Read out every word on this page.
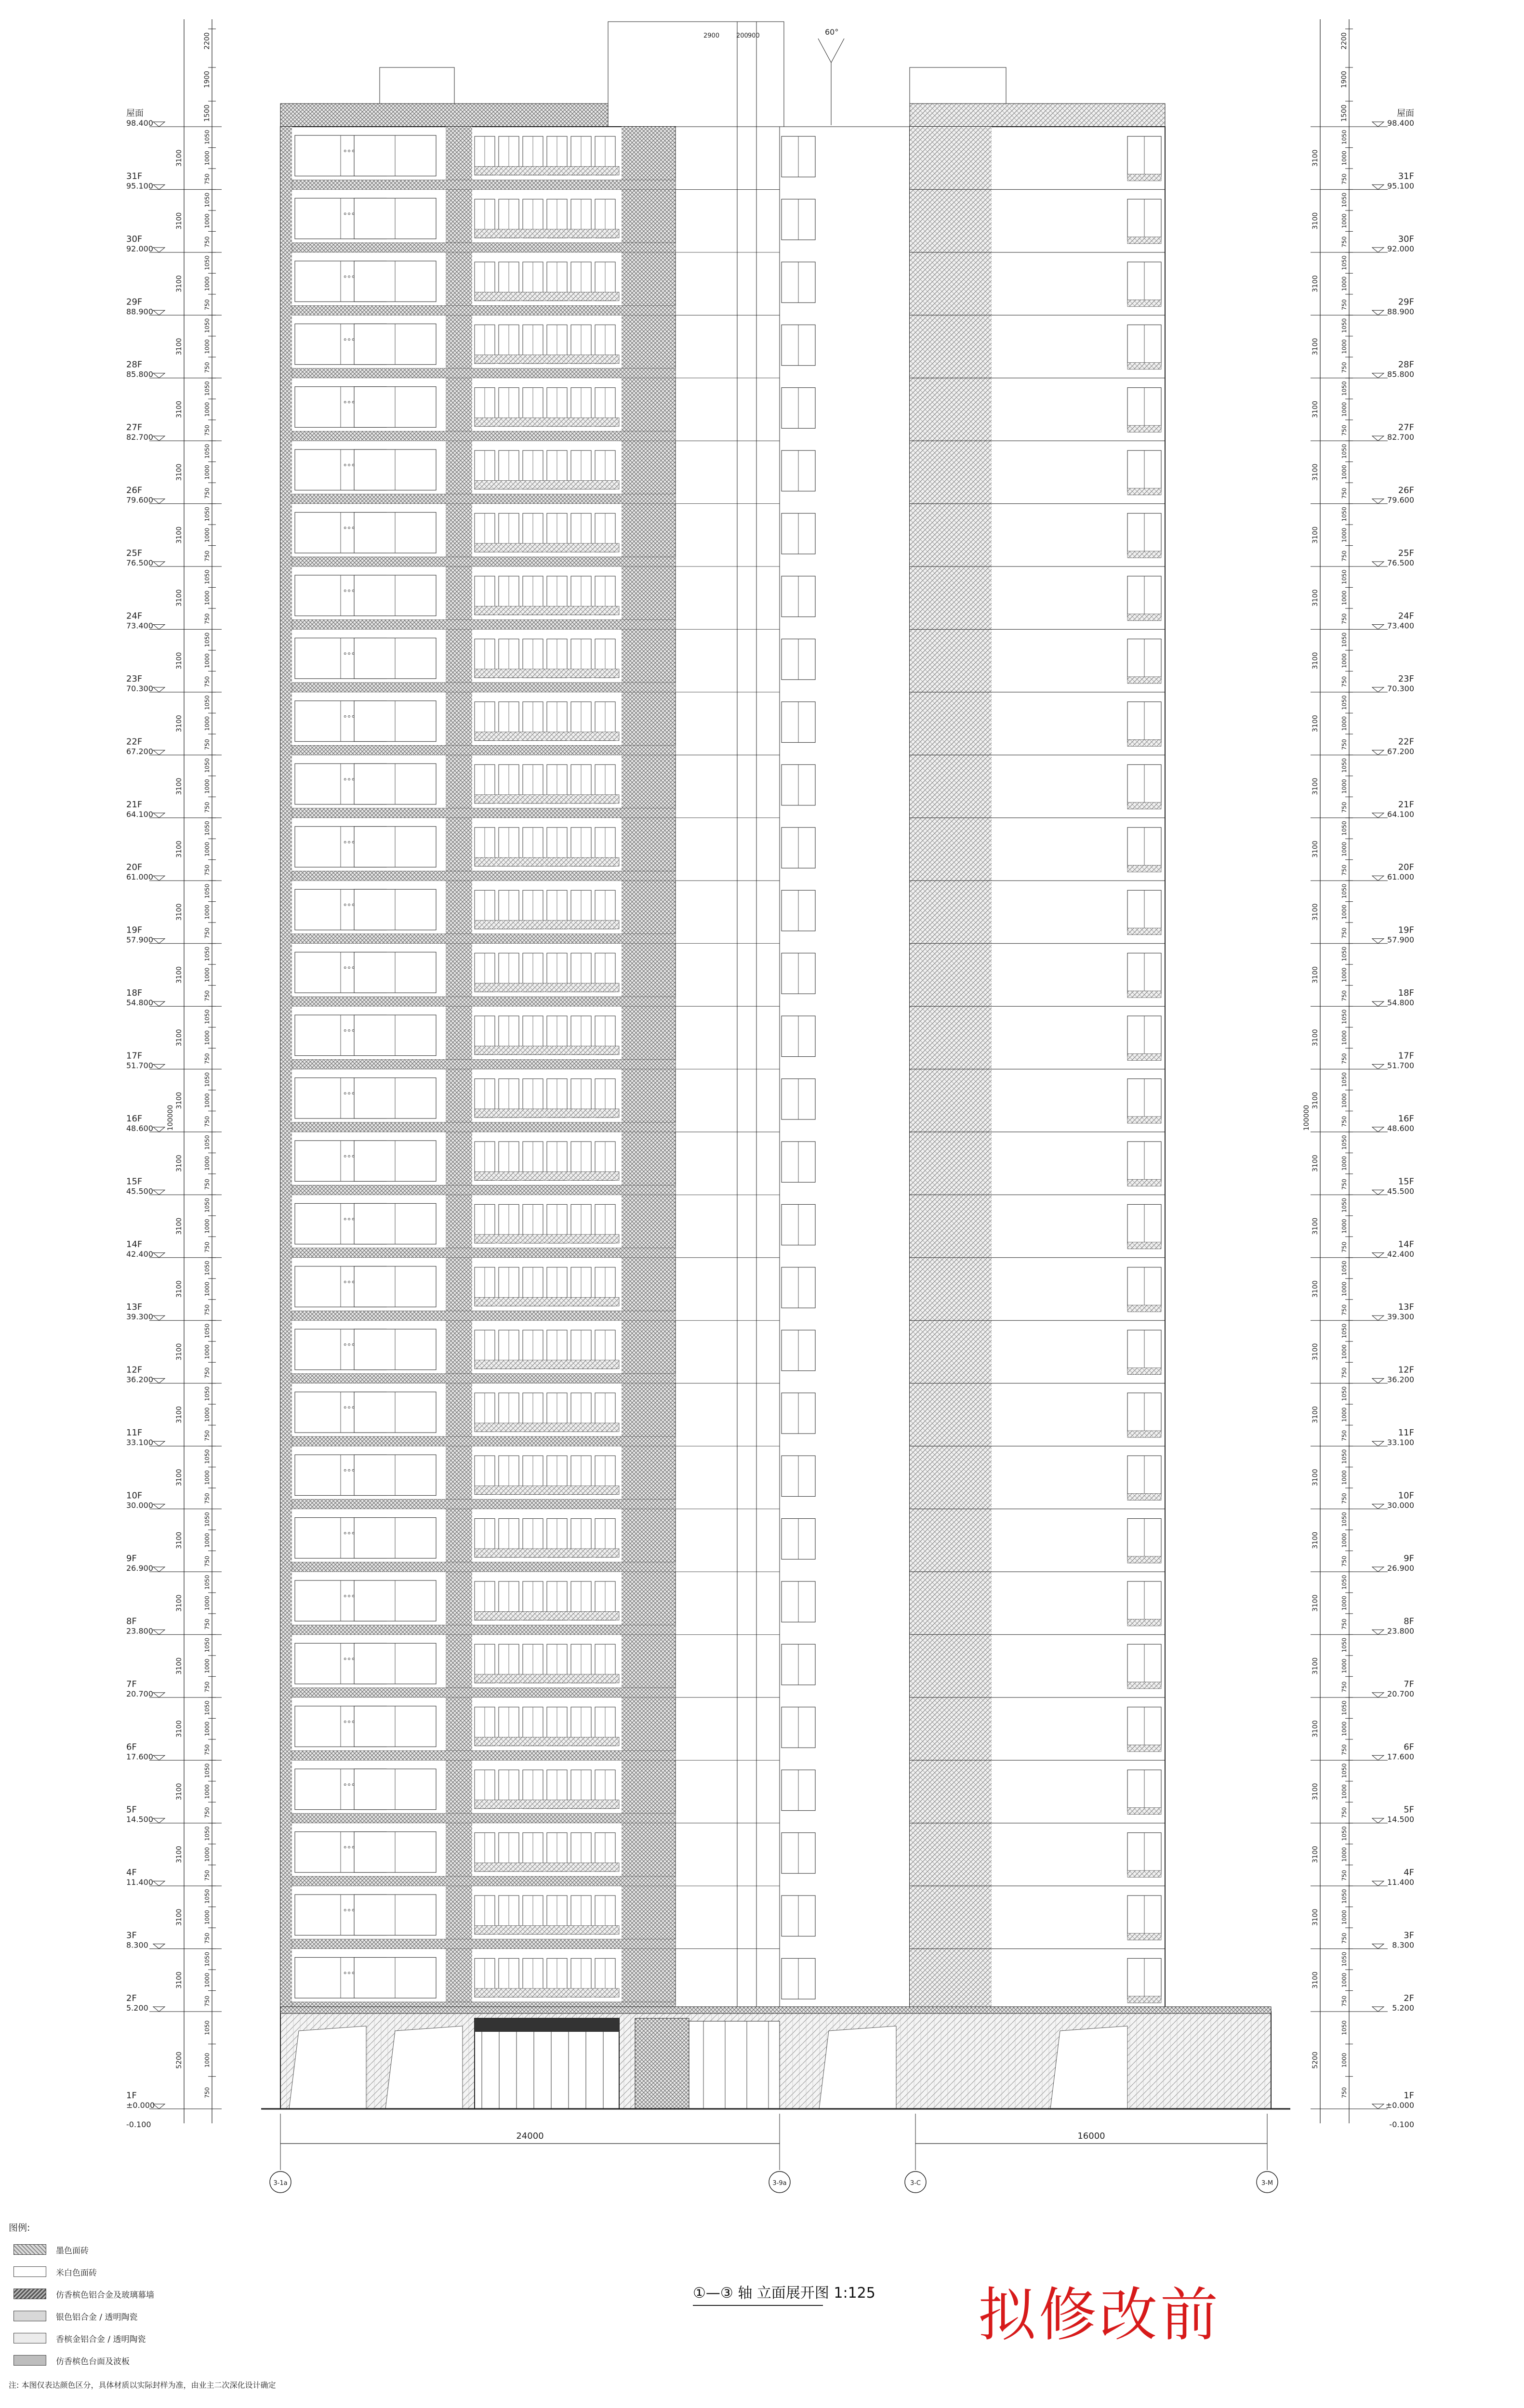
屋面
98.400
3100
1050
1000
750
31F
95.100
3100
1050
1000
750
30F
92.000
3100
1050
1000
750
29F
88.900
3100
1050
1000
750
28F
85.800
3100
1050
1000
750
27F
82.700
3100
1050
1000
750
26F
79.600
3100
1050
1000
750
25F
76.500
3100
1050
1000
750
24F
73.400
3100
1050
1000
750
23F
70.300
3100
1050
1000
750
22F
67.200
3100
1050
1000
750
21F
64.100
3100
1050
1000
750
20F
61.000
3100
1050
1000
750
19F
57.900
3100
1050
1000
750
18F
54.800
3100
1050
1000
750
17F
51.700
3100
1050
1000
750
16F
48.600
3100
1050
1000
750
15F
45.500
3100
1050
1000
750
14F
42.400
3100
1050
1000
750
13F
39.300
3100
1050
1000
750
12F
36.200
3100
1050
1000
750
11F
33.100
3100
1050
1000
750
10F
30.000
3100
1050
1000
750
9F
26.900
3100
1050
1000
750
8F
23.800
3100
1050
1000
750
7F
20.700
3100
1050
1000
750
6F
17.600
3100
1050
1000
750
5F
14.500
3100
1050
1000
750
4F
11.400
3100
1050
1000
750
3F
8.300
3100
1050
1000
750
2F
5.200
5200
1050
1000
750
1F
±0.000
2200
1900
1500
-0.100
100000
屋面
98.400
3100
1050
1000
750	31F
95.100
3100
1050
1000
750	30F
92.000
3100
1050
1000
750	29F
88.900
3100
1050
1000
750	28F
85.800
3100
1050
1000
750	27F
82.700
3100
1050
1000
750	26F
79.600
3100
1050
1000
750	25F
76.500
3100
1050
1000
750	24F
73.400
3100
1050
1000
750	23F
70.300
3100
1050
1000
750	22F
67.200
3100
1050
1000
750	21F
64.100
3100
1050
1000
750	20F
61.000
3100
1050
1000
750	19F
57.900
3100
1050
1000
750	18F
54.800
3100
1050
1000
750	17F
51.700
3100
1050
1000
750	16F
48.600
3100
1050
1000
750	15F
45.500
3100
1050
1000
750	14F
42.400
3100
1050
1000
750	13F
39.300
3100
1050
1000
750	12F
36.200
3100
1050
1000
750	11F
33.100
3100
1050
1000
750	10F
30.000
3100
1050
1000
750	9F
26.900
3100
1050
1000
750	8F
23.800
3100
1050
1000
750	7F
20.700
3100
1050
1000
750	6F
17.600
3100
1050
1000
750	5F
14.500
3100
1050
1000
750	4F
11.400
3100
1050
1000
750	3F
8.300
3100
1050
1000
750	2F
5.200
5200
1050
1000
750	1F
±0.000
2200
1900
1500
-0.100
100000
60°
2900	200 900
⚪⚪⚪
⚪⚪⚪
⚪⚪⚪
⚪⚪⚪
⚪⚪⚪
⚪⚪⚪
⚪⚪⚪
⚪⚪⚪
⚪⚪⚪
⚪⚪⚪
⚪⚪⚪
⚪⚪⚪
⚪⚪⚪
⚪⚪⚪
⚪⚪⚪
⚪⚪⚪
⚪⚪⚪
⚪⚪⚪
⚪⚪⚪
⚪⚪⚪
⚪⚪⚪
⚪⚪⚪
⚪⚪⚪
⚪⚪⚪
⚪⚪⚪
⚪⚪⚪
⚪⚪⚪
⚪⚪⚪
⚪⚪⚪
⚪⚪⚪
24000	16000
3-1a	3-9a	3-C	3-M
图例:
墨色面砖
米白色面砖
仿香槟色铝合金及玻璃幕墙
银色铝合金 / 透明陶瓷
香槟金铝合金 / 透明陶瓷
仿香槟色台面及波板
注: 本图仅表达颜色区分，具体材质以实际封样为准，由业主二次深化设计确定
①—③ 轴 立面展开图 1:125 拟修改前
